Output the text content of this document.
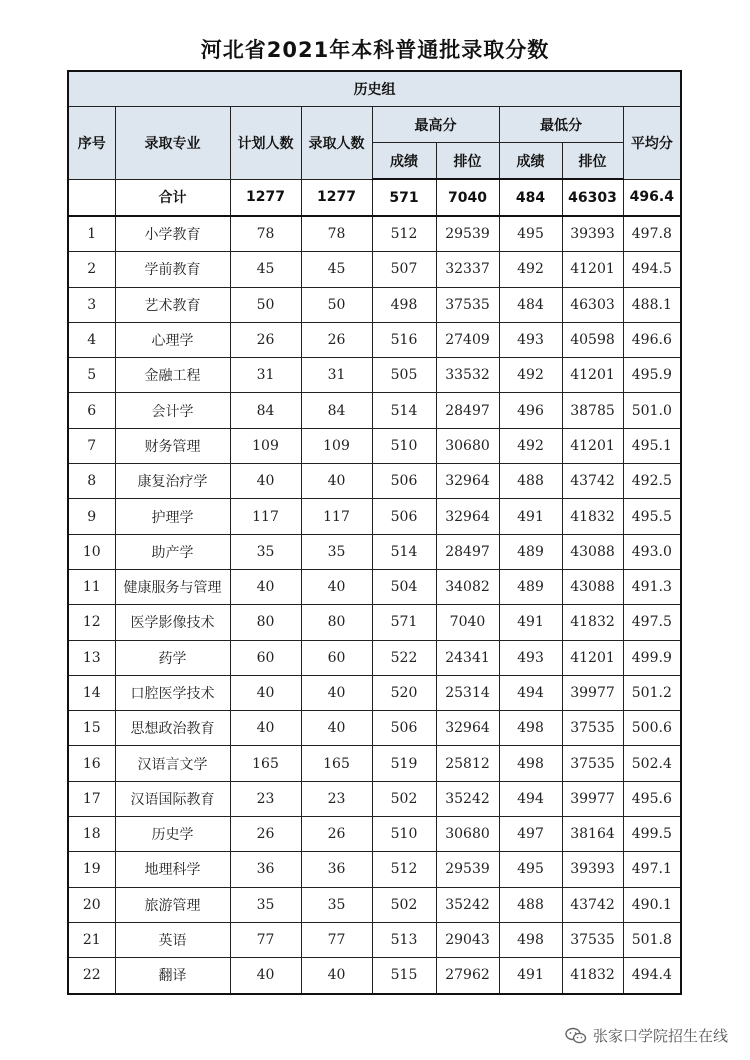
河北省2021年本科普通批录取分数
历史组								
序号	录取专业	计划人数	录取人数	最高分		最低分		平均分
				成绩	排位	成绩	排位	
	合计	1277	1277	571	7040	484	46303	496.4
1	小学教育	78	78	512	29539	495	39393	497.8
2	学前教育	45	45	507	32337	492	41201	494.5
3	艺术教育	50	50	498	37535	484	46303	488.1
4	心理学	26	26	516	27409	493	40598	496.6
5	金融工程	31	31	505	33532	492	41201	495.9
6	会计学	84	84	514	28497	496	38785	501.0
7	财务管理	109	109	510	30680	492	41201	495.1
8	康复治疗学	40	40	506	32964	488	43742	492.5
9	护理学	117	117	506	32964	491	41832	495.5
10	助产学	35	35	514	28497	489	43088	493.0
11	健康服务与管理	40	40	504	34082	489	43088	491.3
12	医学影像技术	80	80	571	7040	491	41832	497.5
13	药学	60	60	522	24341	493	41201	499.9
14	口腔医学技术	40	40	520	25314	494	39977	501.2
15	思想政治教育	40	40	506	32964	498	37535	500.6
16	汉语言文学	165	165	519	25812	498	37535	502.4
17	汉语国际教育	23	23	502	35242	494	39977	495.6
18	历史学	26	26	510	30680	497	38164	499.5
19	地理科学	36	36	512	29539	495	39393	497.1
20	旅游管理	35	35	502	35242	488	43742	490.1
21	英语	77	77	513	29043	498	37535	501.8
22	翻译	40	40	515	27962	491	41832	494.4
张家口学院招生在线
